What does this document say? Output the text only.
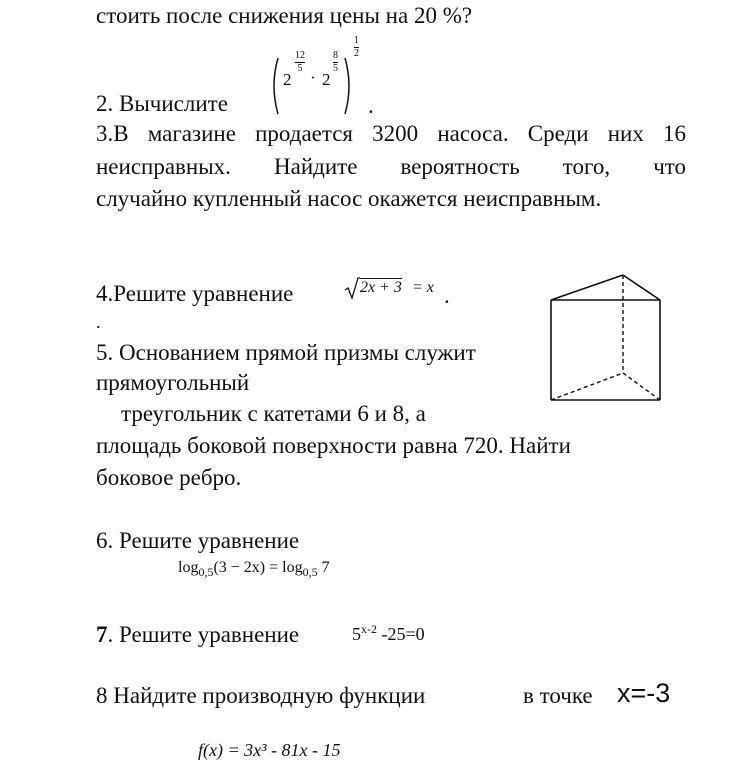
стоить после снижения цены на 20 %?
2. Вычислите
2
12
5 · 2
8
5
1
2
.
3.В магазине продается 3200 насоса. Среди них 16
неисправных. Найдите вероятность того, что
случайно купленный насос окажется неисправным.
4.Решите уравнение	2x + 3 = x .
.
5. Основанием прямой призмы служит
прямоугольный
треугольник с катетами 6 и 8, а
площадь боковой поверхности равна 720. Найти
боковое ребро.
6. Решите уравнение
$\log_{0,5}(3 - 2x) = \log_{0,5} 7$
7. Решите уравнение	5$^{x-2}$ -25=0
8 Найдите производную функции	в точке x=-3
f(x) = 3x³ - 81x - 15
